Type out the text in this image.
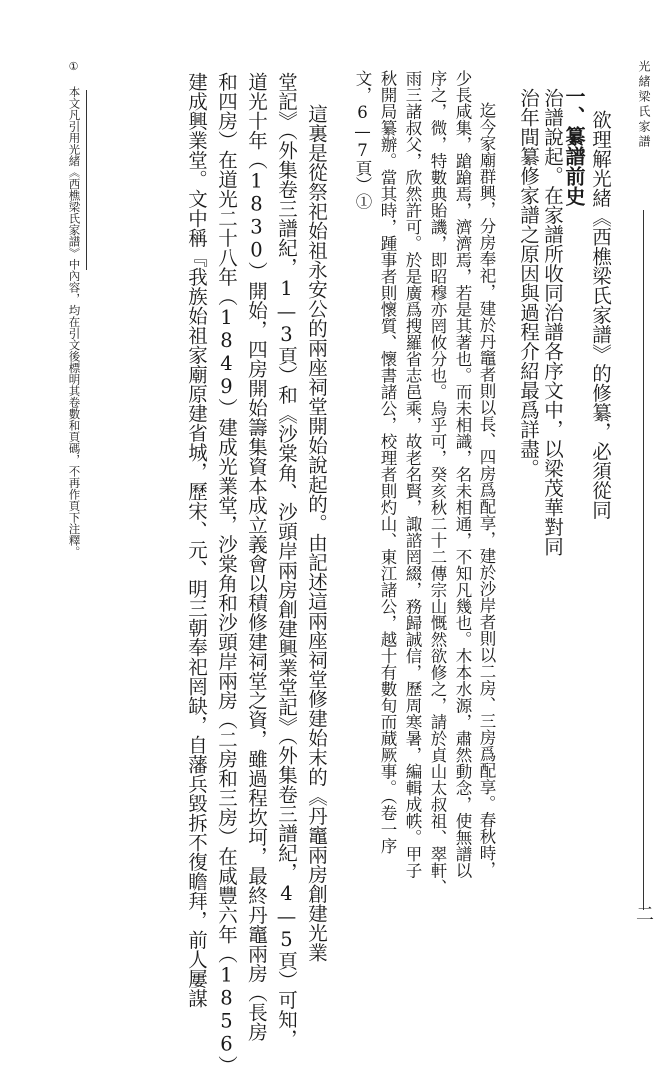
光緒梁氏家譜
二
一、纂譜前史 欲理解光緒《西樵梁氏家譜》的修纂，必須從同
治譜說起。在家譜所收同治譜各序文中，以梁茂華對同
治年間纂修家譜之原因與過程介紹最爲詳盡。
迄今家廟群興，分房奉祀，建於丹竈者則以長、四房爲配享，建於沙岸者則以二房、三房爲配享。春秋時，
少長咸集，蹌蹌焉，濟濟焉，若是其著也。而未相識，名未相通，不知凡幾也。木本水源，肅然動念，使無譜以
序之，微，特數典貽譏，即昭穆亦罔攸分也。烏乎可，癸亥秋二十二傳宗山慨然欲修之，請於貞山太叔祖、翠軒、
雨三諸叔父，欣然許可。於是廣爲搜羅省志邑乘，故老名賢，諏諮罔綴，務歸誠信，歷周寒暑，編輯成帙。甲子
秋開局纂辦。當其時，踵事者則懷質、懷書諸公，校理者則灼山、東江諸公，越十有數旬而蕆厥事。（卷一序
文，6—7頁）①
這裏是從祭祀始祖永安公的兩座祠堂開始說起的。由記述這兩座祠堂修建始末的《丹竈兩房創建光業
堂記》（外集卷三譜紀，1—3頁）和《沙棠角、沙頭岸兩房創建興業堂記》（外集卷三譜紀，4—5頁）可知，
道光十年（1830）開始，四房開始籌集資本成立義會以積修建祠堂之資，雖過程坎坷，最終丹竈兩房（長房
和四房）在道光二十八年（1849）建成光業堂，沙棠角和沙頭岸兩房（二房和三房）在咸豐六年（1856）
建成興業堂。文中稱『我族始祖家廟原建省城，歷宋、元、明三朝奉祀罔缺，自藩兵毀拆不復瞻拜，前人屢謀
①
本文凡引用光緒《西樵梁氏家譜》中內容，均在引文後標明其卷數和頁碼，不再作頁下注釋。
